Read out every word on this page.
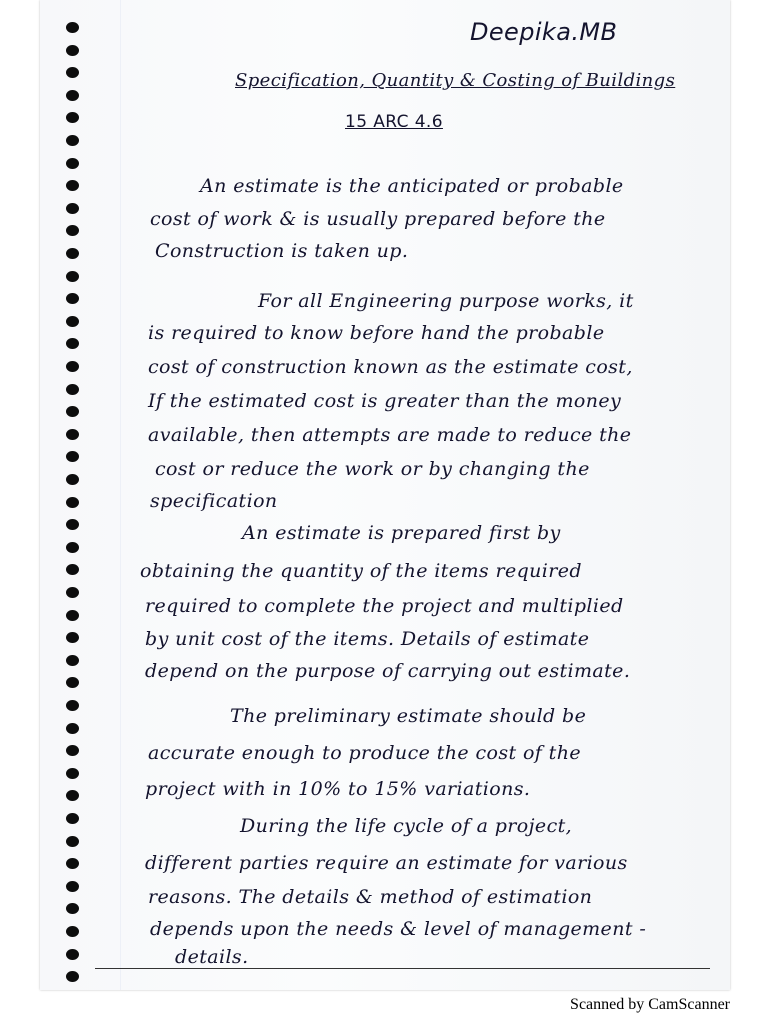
Deepika.MB
Specification, Quantity & Costing of Buildings
15 ARC 4.6
An estimate is the anticipated or probable
cost of work & is usually prepared before the
Construction is taken up.
For all Engineering purpose works, it
is required to know before hand the probable
cost of construction known as the estimate cost,
If the estimated cost is greater than the money
available, then attempts are made to reduce the
cost or reduce the work or by changing the
specification
An estimate is prepared first by
obtaining the quantity of the items required
required to complete the project and multiplied
by unit cost of the items. Details of estimate
depend on the purpose of carrying out estimate.
The preliminary estimate should be
accurate enough to produce the cost of the
project with in 10% to 15% variations.
During the life cycle of a project,
different parties require an estimate for various
reasons. The details & method of estimation
depends upon the needs & level of management -
details.
Scanned by CamScanner
